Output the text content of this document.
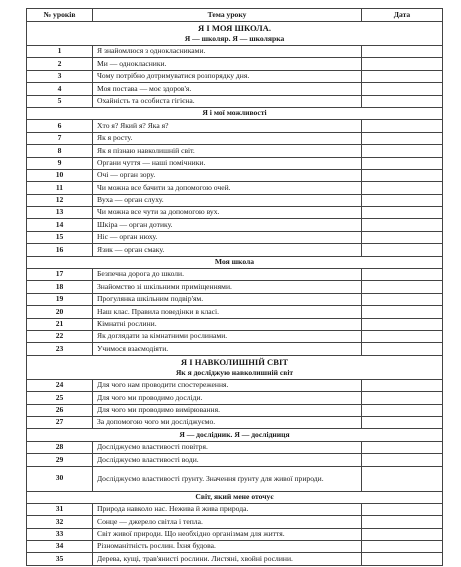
№ уроків	Тема уроку	Дата

Я І МОЯ ШКОЛА.
Я — школяр. Я — школярка		

1	Я знайомлюся з однокласниками.	
2	Ми — однокласники.	
3	Чому потрібно дотримуватися розпорядку дня.	
4	Моя постава — моє здоров'я.	
5	Охайність та особиста гігієна.	

Я і мої можливості		

6	Хто я? Який я? Яка я?	
7	Як я росту.	
8	Як я пізнаю навколишній світ.	
9	Органи чуття — наші помічники.	
10	Очі — орган зору.	
11	Чи можна все бачити за допомогою очей.	
12	Вуха — орган слуху.	
13	Чи можна все чути за допомогою вух.	
14	Шкіра — орган дотику.	
15	Ніс — орган нюху.	
16	Язик — орган смаку.	

Моя школа		

17	Безпечна дорога до школи.	
18	Знайомство зі шкільними приміщеннями.	
19	Прогулянка шкільним подвір'ям.	
20	Наш клас. Правила поведінки в класі.	
21	Кімнатні рослини.	
22	Як доглядати за кімнатними рослинами.	
23	Учимося взаємодіяти.	

Я І НАВКОЛИШНІЙ СВІТ
Як я досліджую навколишній світ		

24	Для чого нам проводити спостереження.	
25	Для чого ми проводимо досліди.	
26	Для чого ми проводимо вимірювання.	
27	За допомогою чого ми досліджуємо.	

Я — дослідник. Я — дослідниця		

28	Досліджуємо властивості повітря.	
29	Досліджуємо властивості води.	
30	Досліджуємо властивості ґрунту. Значення ґрунту для живої природи.	

Світ, який мене оточує		

31	Природа навколо нас. Нежива й жива природа.	
32	Сонце — джерело світла і тепла.	
33	Світ живої природи. Що необхідно організмам для життя.	
34	Різноманітність рослин. Їхня будова.	
35	Дерева, кущі, трав'янисті рослини. Листяні, хвойні рослини.	
